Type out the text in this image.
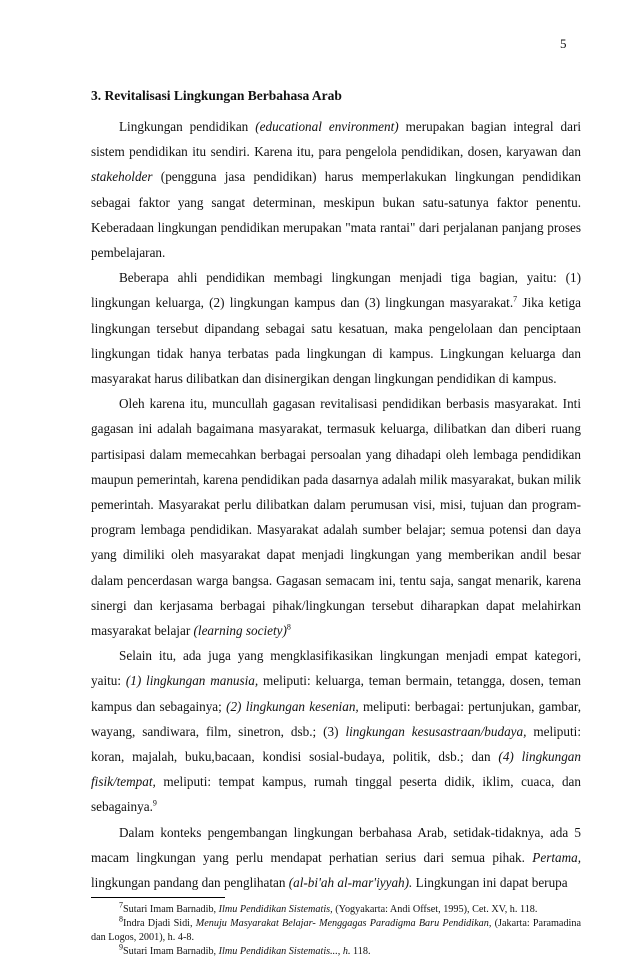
5
3. Revitalisasi Lingkungan Berbahasa Arab

Lingkungan pendidikan (educational environment) merupakan bagian integral dari sistem pendidikan itu sendiri. Karena itu, para pengelola pendidikan, dosen, karyawan dan stakeholder (pengguna jasa pendidikan) harus memperlakukan lingkungan pendidikan sebagai faktor yang sangat determinan, meskipun bukan satu-satunya faktor penentu. Keberadaan lingkungan pendidikan merupakan "mata rantai" dari perjalanan panjang proses pembelajaran.

Beberapa ahli pendidikan membagi lingkungan menjadi tiga bagian, yaitu: (1) lingkungan keluarga, (2) lingkungan kampus dan (3) lingkungan masyarakat.$^7$ Jika ketiga lingkungan tersebut dipandang sebagai satu kesatuan, maka pengelolaan dan penciptaan lingkungan tidak hanya terbatas pada lingkungan di kampus. Lingkungan keluarga dan masyarakat harus dilibatkan dan disinergikan dengan lingkungan pendidikan di kampus.

Oleh karena itu, muncullah gagasan revitalisasi pendidikan berbasis masyarakat. Inti gagasan ini adalah bagaimana masyarakat, termasuk keluarga, dilibatkan dan diberi ruang partisipasi dalam memecahkan berbagai persoalan yang dihadapi oleh lembaga pendidikan maupun pemerintah, karena pendidikan pada dasarnya adalah milik masyarakat, bukan milik pemerintah. Masyarakat perlu dilibatkan dalam perumusan visi, misi, tujuan dan program-program lembaga pendidikan. Masyarakat adalah sumber belajar; semua potensi dan daya yang dimiliki oleh masyarakat dapat menjadi lingkungan yang memberikan andil besar dalam pencerdasan warga bangsa. Gagasan semacam ini, tentu saja, sangat menarik, karena sinergi dan kerjasama berbagai pihak/lingkungan tersebut diharapkan dapat melahirkan masyarakat belajar (learning society)$^8$

Selain itu, ada juga yang mengklasifikasikan lingkungan menjadi empat kategori, yaitu: (1) lingkungan manusia, meliputi: keluarga, teman bermain, tetangga, dosen, teman kampus dan sebagainya; (2) lingkungan kesenian, meliputi: berbagai: pertunjukan, gambar, wayang, sandiwara, film, sinetron, dsb.; (3) lingkungan kesusastraan/budaya, meliputi: koran, majalah, buku,bacaan, kondisi sosial-budaya, politik, dsb.; dan (4) lingkungan fisik/tempat, meliputi: tempat kampus, rumah tinggal peserta didik, iklim, cuaca, dan sebagainya.$^9$

Dalam konteks pengembangan lingkungan berbahasa Arab, setidak-tidaknya, ada 5 macam lingkungan yang perlu mendapat perhatian serius dari semua pihak. Pertama, lingkungan pandang dan penglihatan (al-bi'ah al-mar'iyyah). Lingkungan ini dapat berupa

$^7$Sutari Imam Barnadib, Ilmu Pendidikan Sistematis, (Yogyakarta: Andi Offset, 1995), Cet. XV, h. 118.

$^8$Indra Djadi Sidi, Menuju Masyarakat Belajar- Menggagas Paradigma Baru Pendidikan, (Jakarta: Paramadina dan Logos, 2001), h. 4-8.

$^9$Sutari Imam Barnadib, Ilmu Pendidikan Sistematis..., h. 118.
